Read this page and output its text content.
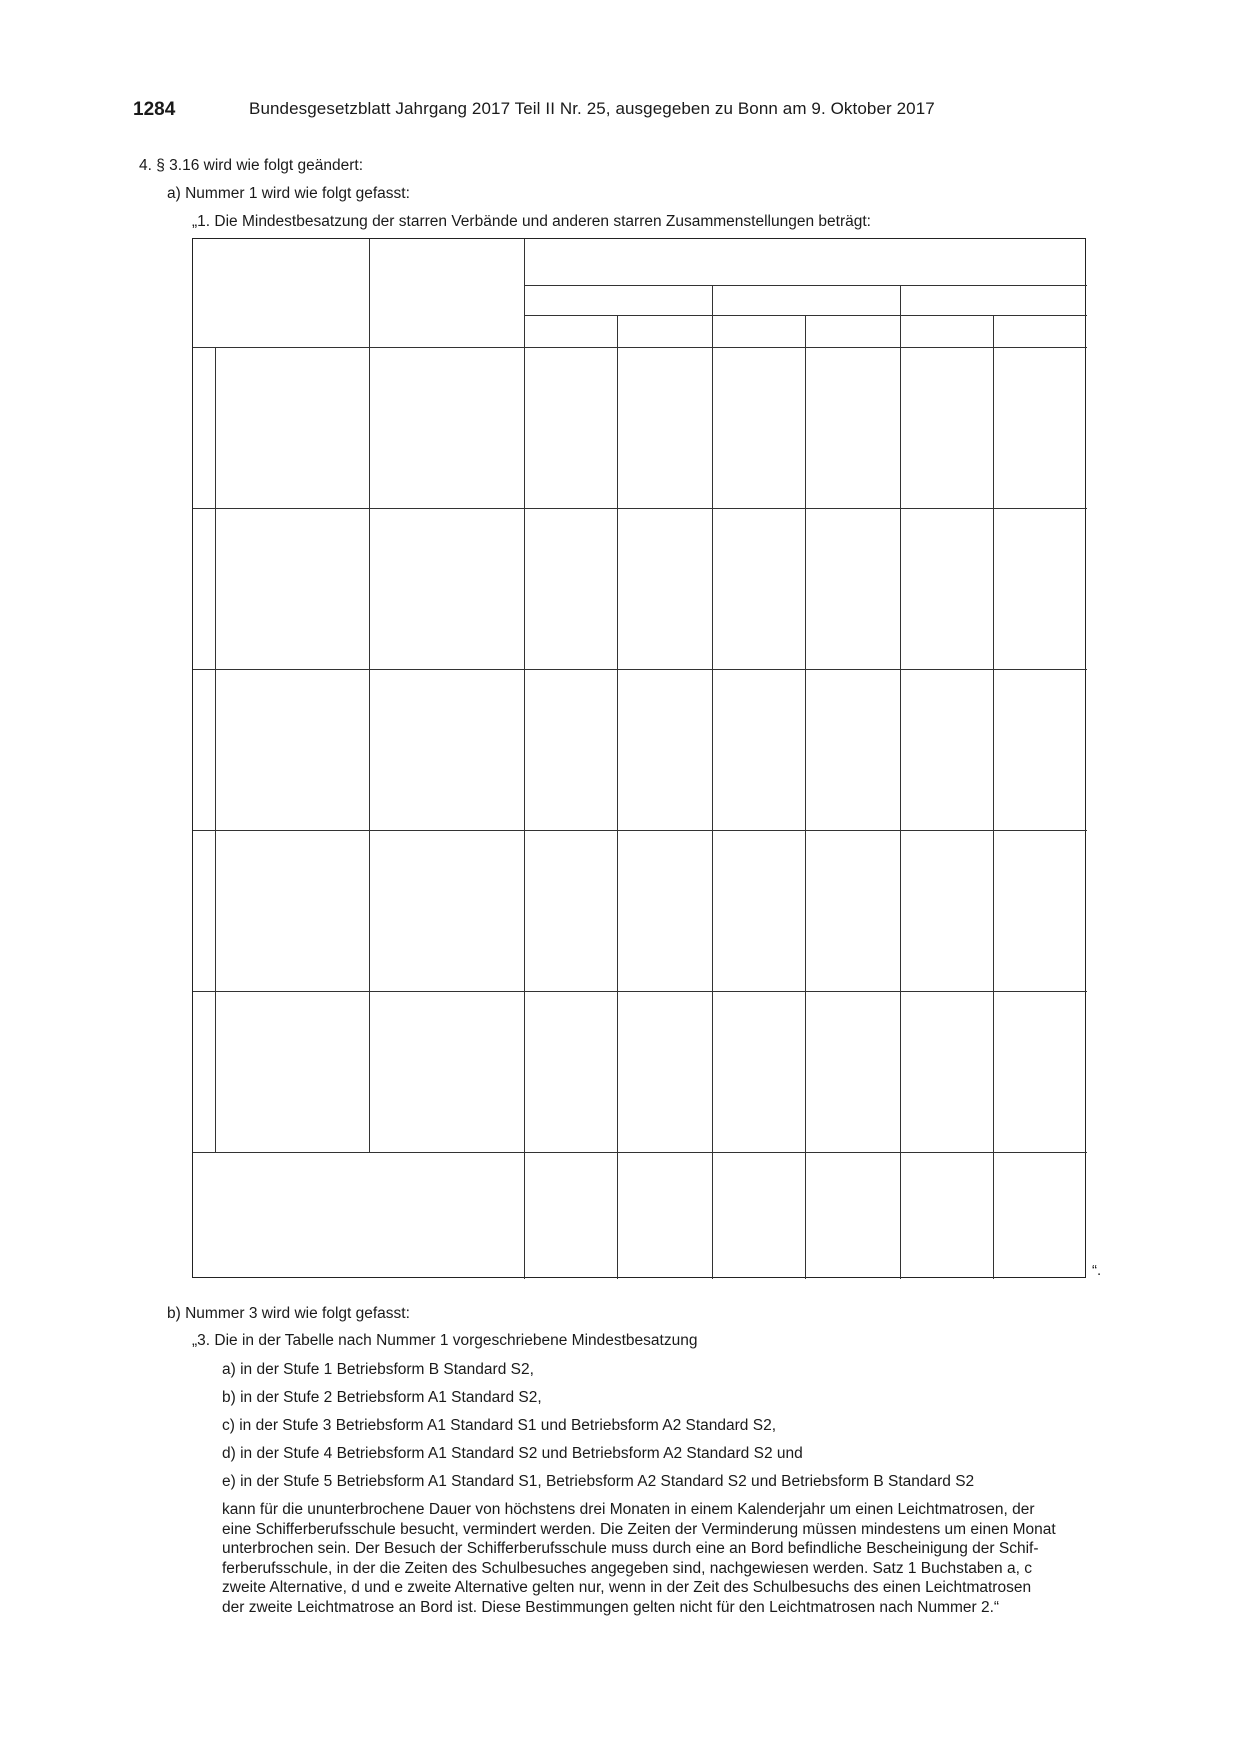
1284	Bundesgesetzblatt Jahrgang 2017 Teil II Nr. 25, ausgegeben zu Bonn am 9. Oktober 2017
4. § 3.16 wird wie folgt geändert:
a) Nummer 1 wird wie folgt gefasst:
„1. Die Mindestbesatzung der starren Verbände und anderen starren Zusammenstellungen beträgt:
b) Nummer 3 wird wie folgt gefasst:
„3. Die in der Tabelle nach Nummer 1 vorgeschriebene Mindestbesatzung
a) in der Stufe 1 Betriebsform B Standard S2,
b) in der Stufe 2 Betriebsform A1 Standard S2,
c) in der Stufe 3 Betriebsform A1 Standard S1 und Betriebsform A2 Standard S2,
d) in der Stufe 4 Betriebsform A1 Standard S2 und Betriebsform A2 Standard S2 und
e) in der Stufe 5 Betriebsform A1 Standard S1, Betriebsform A2 Standard S2 und Betriebsform B Standard S2
kann für die ununterbrochene Dauer von höchstens drei Monaten in einem Kalenderjahr um einen Leichtmatrosen, der
eine Schifferberufsschule besucht, vermindert werden. Die Zeiten der Verminderung müssen mindestens um einen Monat
unterbrochen sein. Der Besuch der Schifferberufsschule muss durch eine an Bord befindliche Bescheinigung der Schif-
ferberufsschule, in der die Zeiten des Schulbesuches angegeben sind, nachgewiesen werden. Satz 1 Buchstaben a, c
zweite Alternative, d und e zweite Alternative gelten nur, wenn in der Zeit des Schulbesuchs des einen Leichtmatrosen
der zweite Leichtmatrose an Bord ist. Diese Bestimmungen gelten nicht für den Leichtmatrosen nach Nummer 2.“
“.
